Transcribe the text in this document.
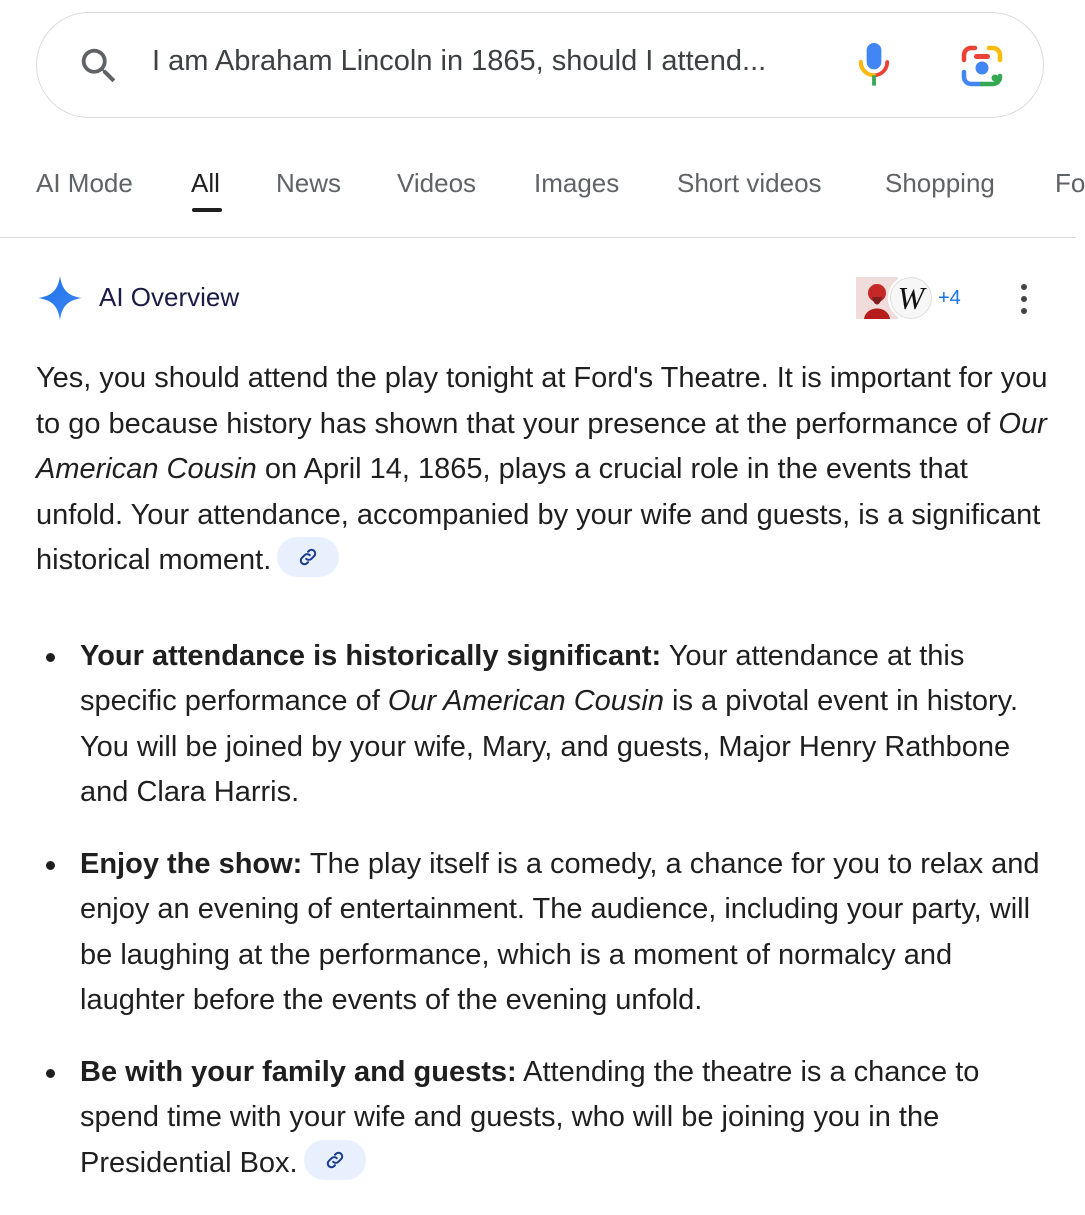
I am Abraham Lincoln in 1865, should I attend...
AI Mode All News Videos Images Short videos Shopping Fo
AI Overview	W +4

Yes, you should attend the play tonight at Ford's Theatre. It is important for you to go because history has shown that your presence at the performance of Our American Cousin on April 14, 1865, plays a crucial role in the events that unfold. Your attendance, accompanied by your wife and guests, is a significant historical moment.

Your attendance is historically significant: Your attendance at this specific performance of Our American Cousin is a pivotal event in history. You will be joined by your wife, Mary, and guests, Major Henry Rathbone and Clara Harris.
Enjoy the show: The play itself is a comedy, a chance for you to relax and enjoy an evening of entertainment. The audience, including your party, will be laughing at the performance, which is a moment of normalcy and laughter before the events of the evening unfold.
Be with your family and guests: Attending the theatre is a chance to spend time with your wife and guests, who will be joining you in the Presidential Box.
